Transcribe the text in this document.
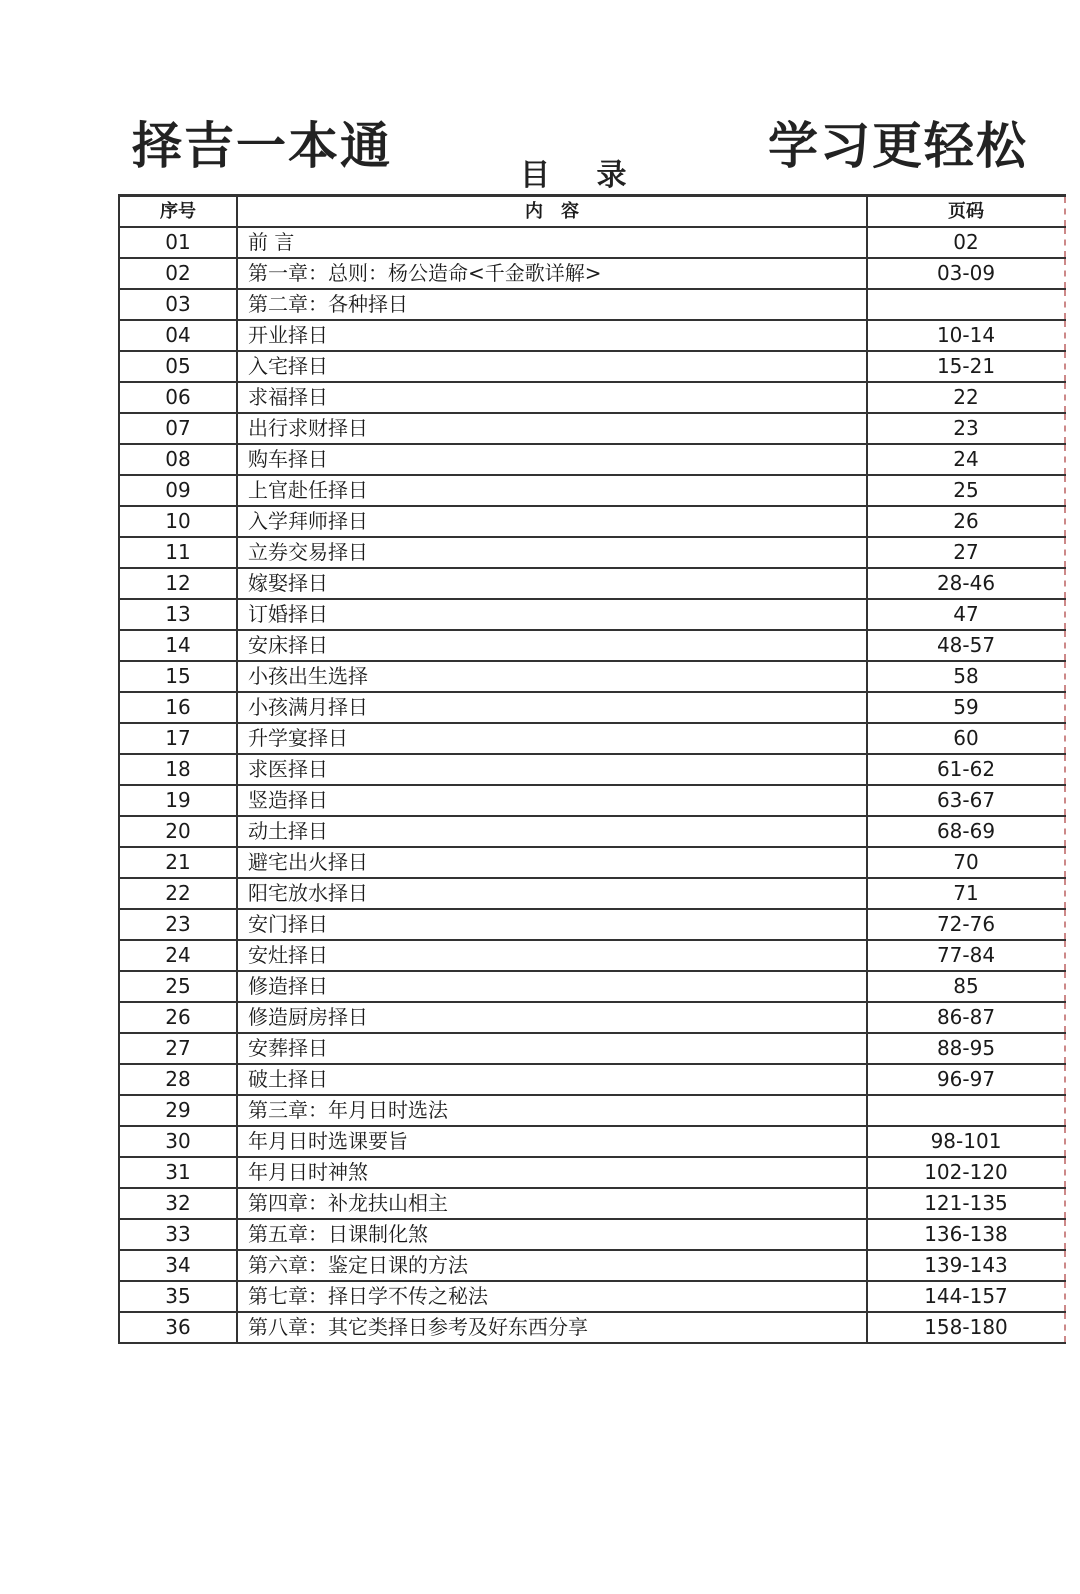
择吉一本通	学习更轻松
目 录
序号	内　容	页码
01	前 言	02
02	第一章：总则：杨公造命<千金歌详解>	03-09
03	第二章：各种择日	
04	开业择日	10-14
05	入宅择日	15-21
06	求福择日	22
07	出行求财择日	23
08	购车择日	24
09	上官赴任择日	25
10	入学拜师择日	26
11	立券交易择日	27
12	嫁娶择日	28-46
13	订婚择日	47
14	安床择日	48-57
15	小孩出生选择	58
16	小孩满月择日	59
17	升学宴择日	60
18	求医择日	61-62
19	竖造择日	63-67
20	动土择日	68-69
21	避宅出火择日	70
22	阳宅放水择日	71
23	安门择日	72-76
24	安灶择日	77-84
25	修造择日	85
26	修造厨房择日	86-87
27	安葬择日	88-95
28	破土择日	96-97
29	第三章：年月日时选法	
30	年月日时选课要旨	98-101
31	年月日时神煞	102-120
32	第四章：补龙扶山相主	121-135
33	第五章：日课制化煞	136-138
34	第六章：鉴定日课的方法	139-143
35	第七章：择日学不传之秘法	144-157
36	第八章：其它类择日参考及好东西分享	158-180
